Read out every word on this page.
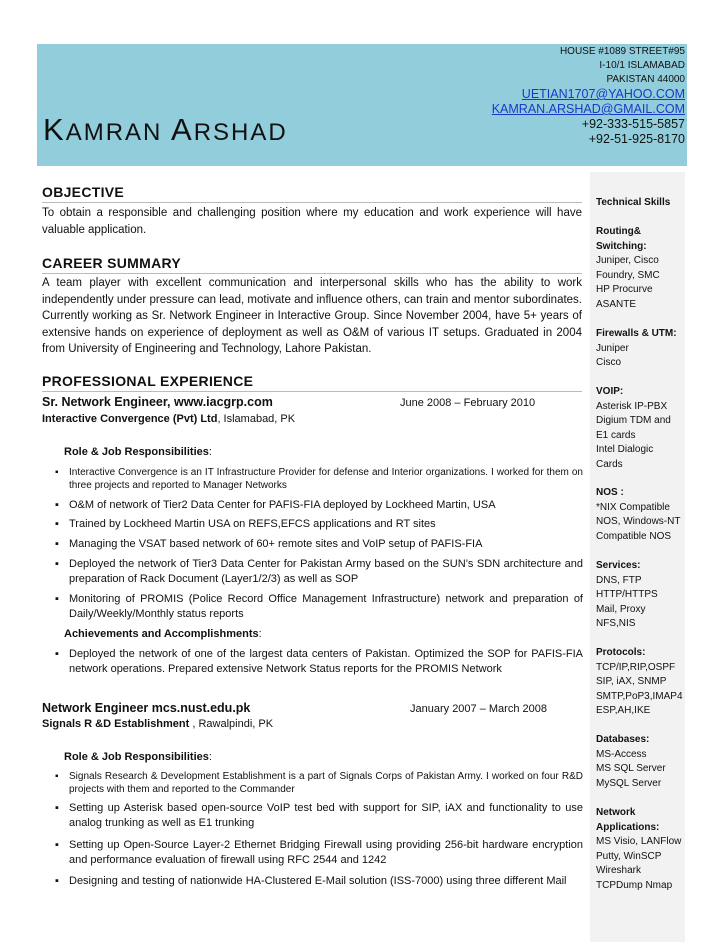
KAMRAN ARSHAD
HOUSE #1089 STREET#95
I-10/1 ISLAMABAD
PAKISTAN 44000
UETIAN1707@YAHOO.COM
KAMRAN.ARSHAD@GMAIL.COM
+92-333-515-5857
+92-51-925-8170
Technical Skills
Routing&
Switching:
Juniper, Cisco
Foundry, SMC
HP Procurve
ASANTE
Firewalls & UTM:
Juniper
Cisco
VOIP:
Asterisk IP-PBX
Digium TDM and
E1 cards
Intel Dialogic
Cards
NOS :
*NIX Compatible
NOS, Windows-NT
Compatible NOS
Services:
DNS, FTP
HTTP/HTTPS
Mail, Proxy
NFS,NIS
Protocols:
TCP/IP,RIP,OSPF
SIP, iAX, SNMP
SMTP,PoP3,IMAP4
ESP,AH,IKE
Databases:
MS-Access
MS SQL Server
MySQL Server
Network
Applications:
MS Visio, LANFlow
Putty, WinSCP
Wireshark
TCPDump Nmap
OBJECTIVE
To obtain a responsible and challenging position where my education and work experience will have valuable application.
CAREER SUMMARY
A team player with excellent communication and interpersonal skills who has the ability to work independently under pressure can lead, motivate and influence others, can train and mentor subordinates. Currently working as Sr. Network Engineer in Interactive Group. Since November 2004, have 5+ years of extensive hands on experience of deployment as well as O&M of various IT setups. Graduated in 2004 from University of Engineering and Technology, Lahore Pakistan.
PROFESSIONAL EXPERIENCE
Sr. Network Engineer, www.iacgrp.com	June 2008 – February 2010
Interactive Convergence (Pvt) Ltd, Islamabad, PK
Role & Job Responsibilities:
▪ Interactive Convergence is an IT Infrastructure Provider for defense and Interior organizations. I worked for them on three projects and reported to Manager Networks
▪ O&M of network of Tier2 Data Center for PAFIS-FIA deployed by Lockheed Martin, USA
▪ Trained by Lockheed Martin USA on REFS,EFCS applications and RT sites
▪ Managing the VSAT based network of 60+ remote sites and VoIP setup of PAFIS-FIA
▪ Deployed the network of Tier3 Data Center for Pakistan Army based on the SUN’s SDN architecture and preparation of Rack Document (Layer1/2/3) as well as SOP
▪ Monitoring of PROMIS (Police Record Office Management Infrastructure) network and preparation of Daily/Weekly/Monthly status reports
Achievements and Accomplishments:
▪ Deployed the network of one of the largest data centers of Pakistan. Optimized the SOP for PAFIS-FIA network operations. Prepared extensive Network Status reports for the PROMIS Network
Network Engineer mcs.nust.edu.pk	January 2007 – March 2008
Signals R &D Establishment , Rawalpindi, PK
Role & Job Responsibilities:
▪ Signals Research & Development Establishment is a part of Signals Corps of Pakistan Army. I worked on four R&D projects with them and reported to the Commander
▪ Setting up Asterisk based open-source VoIP test bed with support for SIP, iAX and functionality to use analog trunking as well as E1 trunking
▪ Setting up Open-Source Layer-2 Ethernet Bridging Firewall using providing 256-bit hardware encryption and performance evaluation of firewall using RFC 2544 and 1242
▪ Designing and testing of nationwide HA-Clustered E-Mail solution (ISS-7000) using three different Mail
